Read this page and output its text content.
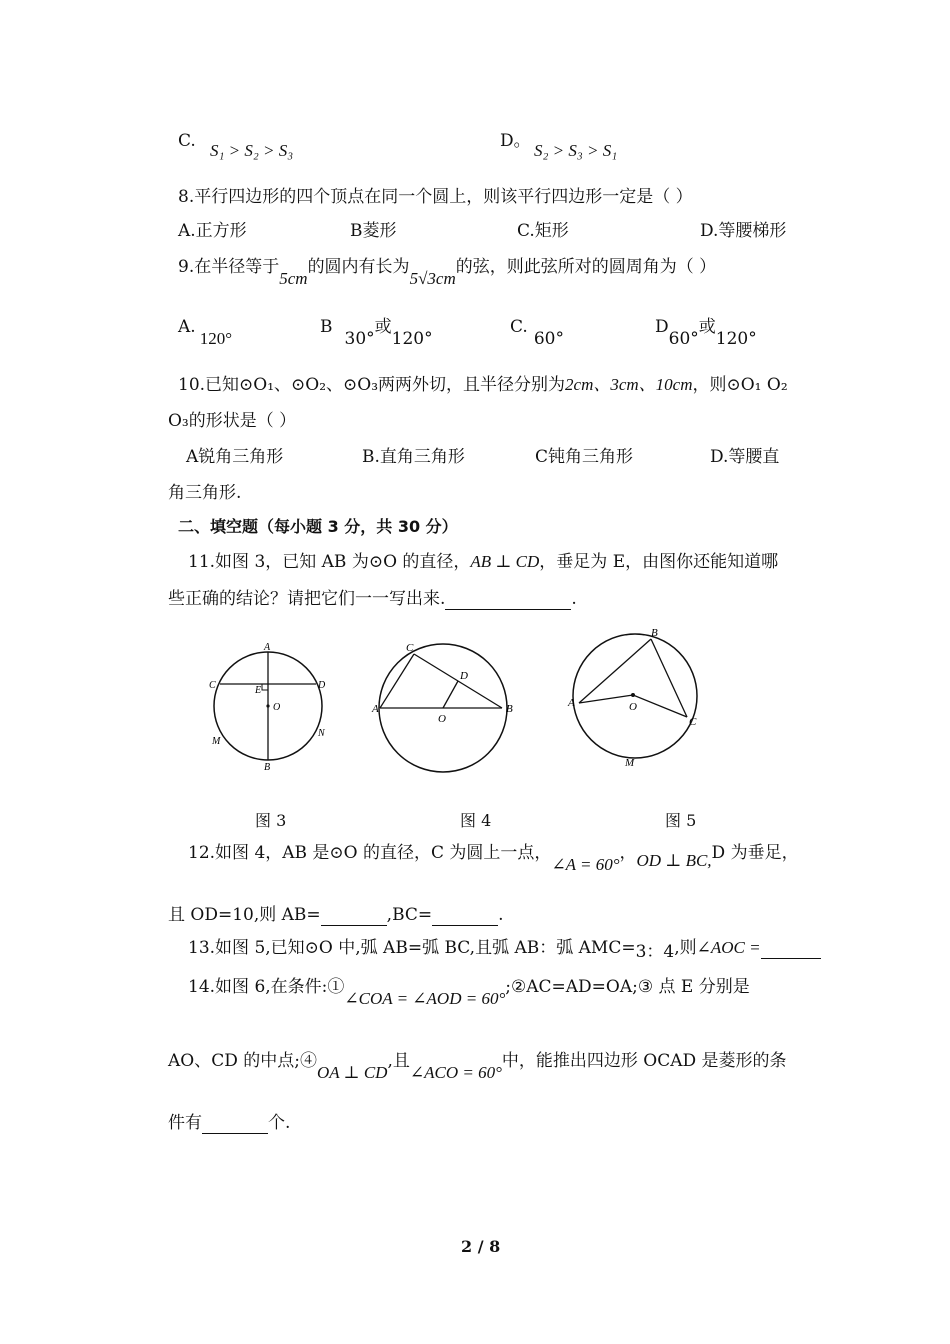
C. S₁ > S₂ > S₃	D。 S₂ > S₃ > S₁
8.平行四边形的四个顶点在同一个圆上，则该平行四边形一定是（ ）
A.正方形	B菱形	C.矩形	D.等腰梯形
9.在半径等于5cm的圆内有长为5√3cm的弦，则此弦所对的圆周角为（ ）
A.120°
B30°或120°
C.60°
D60°或120°
10.已知⊙O₁、⊙O₂、⊙O₃两两外切，且半径分别为2cm、3cm、10cm，则⊙O₁ O₂
O₃的形状是（ ）
A锐角三角形	B.直角三角形	C钝角三角形	D.等腰直
角三角形.
二、填空题（每小题 3 分，共 30 分）
11.如图 3，已知 AB 为⊙O 的直径，AB ⊥ CD，垂足为 E，由图你还能知道哪
些正确的结论？请把它们一一写出来.	.
A
B
C	D
E
O
M
N
图 3
C
D
A	B
O
图 4
B
A	O
C
M
图 5
12.如图 4，AB 是⊙O 的直径，C 为圆上一点，∠A = 60°，OD ⊥ BC,D 为垂足，
且 OD=10,则 AB=	,BC=	.
13.如图 5,已知⊙O 中,弧 AB=弧 BC,且弧 AB：弧 AMC=3：4,则∠AOC =
14.如图 6,在条件:①∠COA = ∠AOD = 60°;②AC=AD=OA;③ 点 E 分别是
AO、CD 的中点;④OA ⊥ CD,且∠ACO = 60°中，能推出四边形 OCAD 是菱形的条
件有	个.
2 / 8
